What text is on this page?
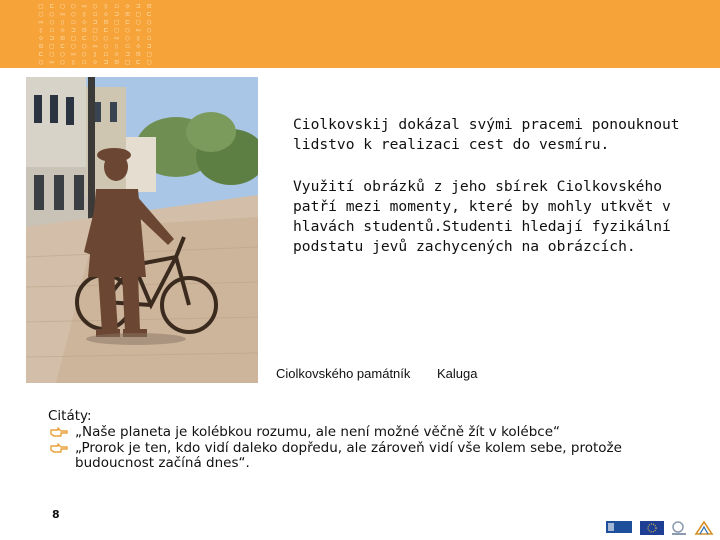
□ ⊏ ▢ ◯ ▭ ○ ▯ ◻ ◇ ⊐ ⊡
▢ ◯ ▭ ○ ▯ ◻ ◇ ⊐ ⊡ □ ⊏
▭ ○ ▯ ◻ ◇ ⊐ ⊡ □ ⊏ ▢ ◯
▯ ◻ ◇ ⊐ ⊡ □ ⊏ ▢ ◯ ▭ ○
◇ ⊐ ⊡ □ ⊏ ▢ ◯ ▭ ○ ▯ ◻
⊡ □ ⊏ ▢ ◯ ▭ ○ ▯ ◻ ◇ ⊐
⊏ ▢ ◯ ▭ ○ ▯ ◻ ◇ ⊐ ⊡ □
◯ ▭ ○ ▯ ◻ ◇ ⊐ ⊡ □ ⊏ ▢

Ciolkovskij dokázal svými pracemi ponouknout lidstvo k realizaci cest do vesmíru.

Využití obrázků z jeho sbírek Ciolkovského patří mezi momenty, které by mohly utkvět v hlavách studentů.Studenti hledají fyzikální podstatu jevů zachycených na obrázcích.

Ciolkovského památník Kaluga
Citáty:
„Naše planeta je kolébkou rozumu, ale není možné věčně žít v kolébce“
„Prorok je ten, kdo vidí daleko dopředu, ale zároveň vidí vše kolem sebe, protože budoucnost začíná dnes“.
8
